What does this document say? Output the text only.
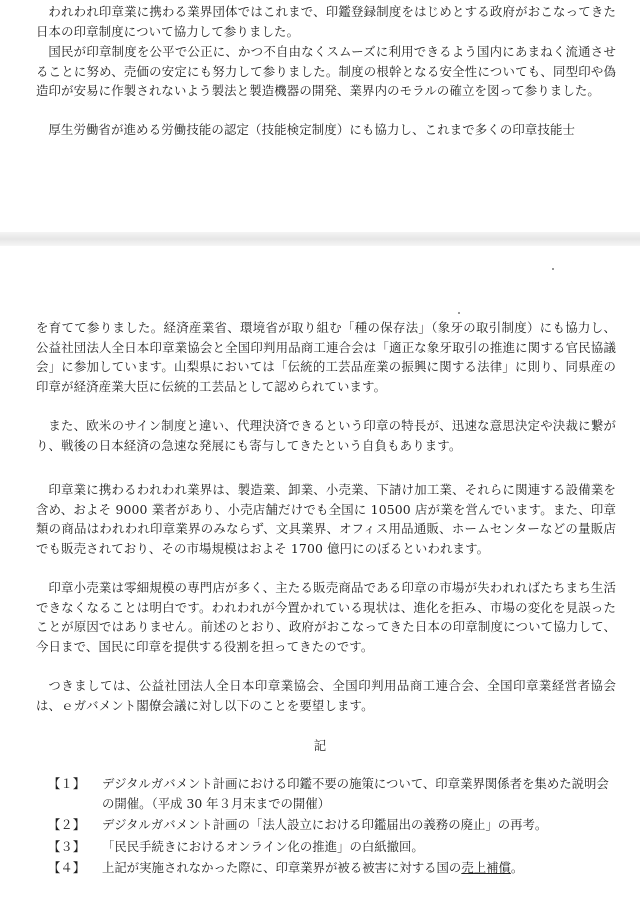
われわれ印章業に携わる業界団体ではこれまで、印鑑登録制度をはじめとする政府がおこなってきた日本の印章制度について協力して参りました。

国民が印章制度を公平で公正に、かつ不自由なくスムーズに利用できるよう国内にあまねく流通させることに努め、売価の安定にも努力して参りました。制度の根幹となる安全性についても、同型印や偽造印が安易に作製されないよう製法と製造機器の開発、業界内のモラルの確立を図って参りました。

厚生労働省が進める労働技能の認定（技能検定制度）にも協力し、これまで多くの印章技能士

を育てて参りました。経済産業省、環境省が取り組む「種の保存法」（象牙の取引制度）にも協力し、公益社団法人全日本印章業協会と全国印判用品商工連合会は「適正な象牙取引の推進に関する官民協議会」に参加しています。山梨県においては「伝統的工芸品産業の振興に関する法律」に則り、同県産の印章が経済産業大臣に伝統的工芸品として認められています。

また、欧米のサイン制度と違い、代理決済できるという印章の特長が、迅速な意思決定や決裁に繋がり、戦後の日本経済の急速な発展にも寄与してきたという自負もあります。

印章業に携わるわれわれ業界は、製造業、卸業、小売業、下請け加工業、それらに関連する設備業を含め、およそ 9000 業者があり、小売店舗だけでも全国に 10500 店が業を営んでいます。また、印章類の商品はわれわれ印章業界のみならず、文具業界、オフィス用品通販、ホームセンターなどの量販店でも販売されており、その市場規模はおよそ 1700 億円にのぼるといわれます。

印章小売業は零細規模の専門店が多く、主たる販売商品である印章の市場が失われればたちまち生活できなくなることは明白です。われわれが今置かれている現状は、進化を拒み、市場の変化を見誤ったことが原因ではありません。前述のとおり、政府がおこなってきた日本の印章制度について協力して、今日まで、国民に印章を提供する役割を担ってきたのです。

つきましては、公益社団法人全日本印章業協会、全国印判用品商工連合会、全国印章業経営者協会は、ｅガバメント閣僚会議に対し以下のことを要望します。

記

【１】 デジタルガバメント計画における印鑑不要の施策について、印章業界関係者を集めた説明会の開催。（平成 30 年３月末までの開催）
【２】 デジタルガバメント計画の「法人設立における印鑑届出の義務の廃止」の再考。
【３】 「民民手続きにおけるオンライン化の推進」の白紙撤回。
【４】 上記が実施されなかった際に、印章業界が被る被害に対する国の売上補償。
